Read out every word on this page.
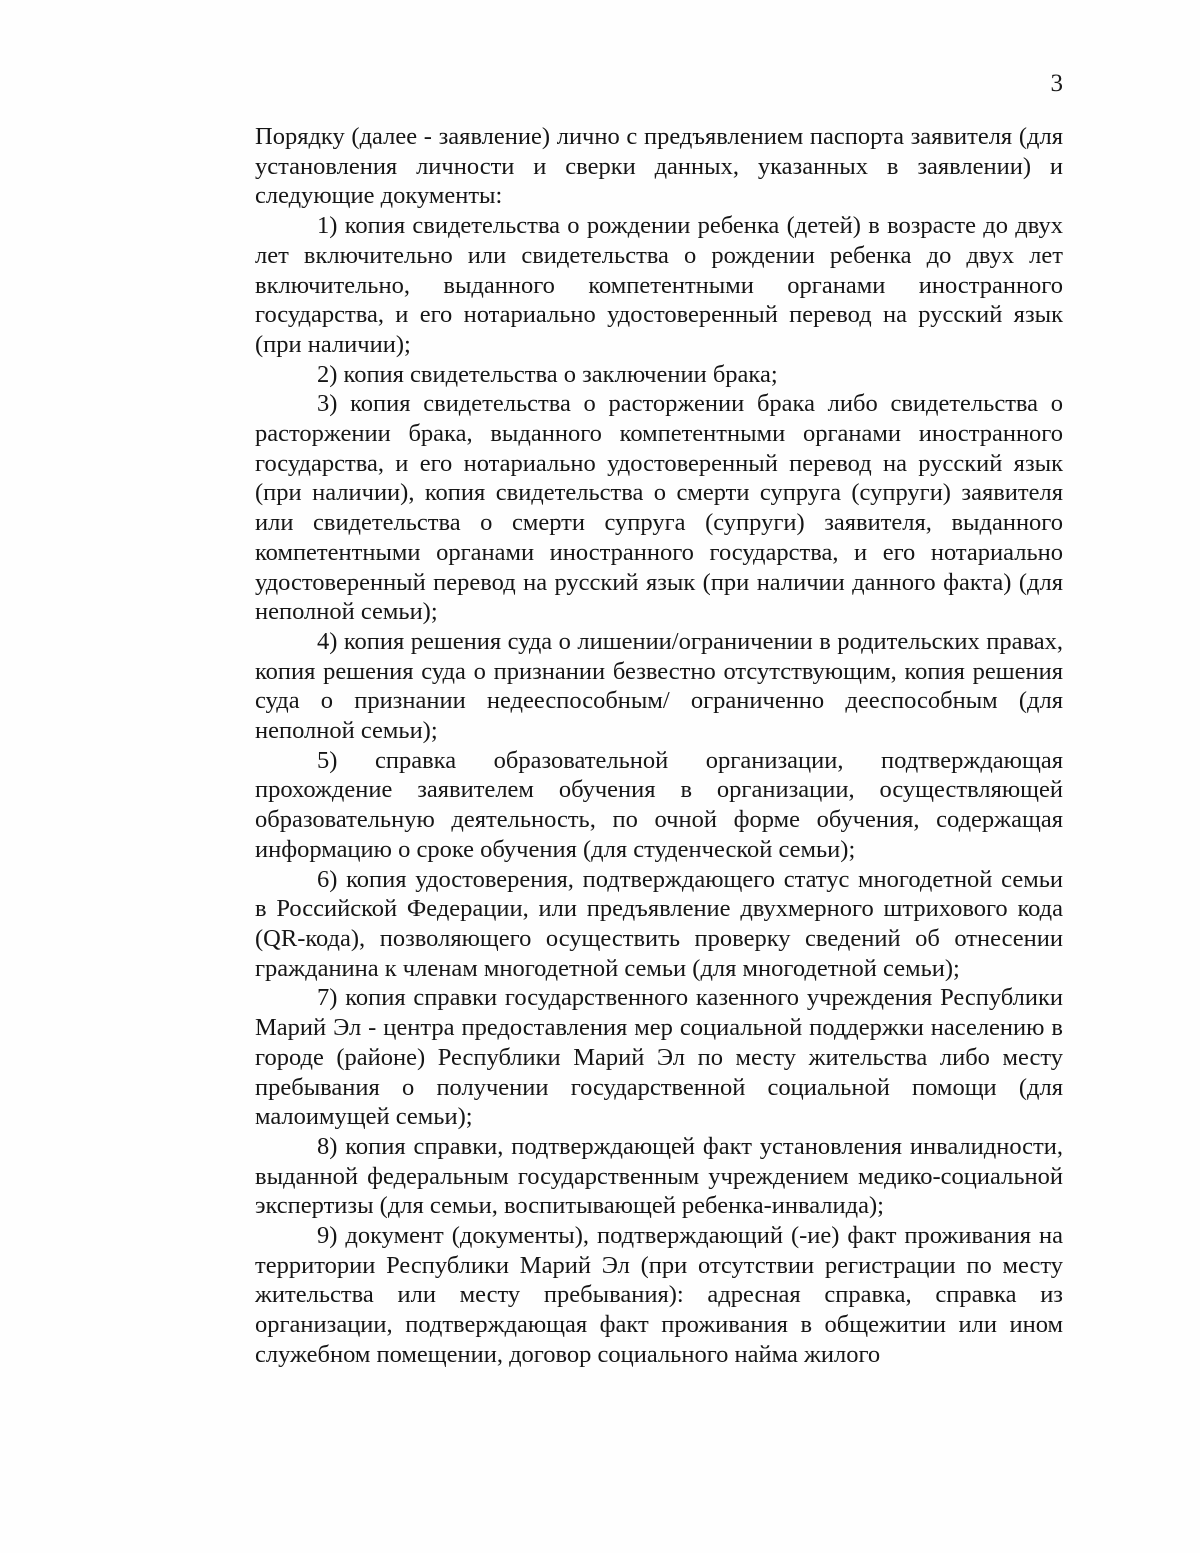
3

Порядку (далее - заявление) лично с предъявлением паспорта заявителя (для установления личности и сверки данных, указанных в заявлении) и следующие документы:

1) копия свидетельства о рождении ребенка (детей) в возрасте до двух лет включительно или свидетельства о рождении ребенка до двух лет включительно, выданного компетентными органами иностранного государства, и его нотариально удостоверенный перевод на русский язык (при наличии);

2) копия свидетельства о заключении брака;

3) копия свидетельства о расторжении брака либо свидетельства о расторжении брака, выданного компетентными органами иностранного государства, и его нотариально удостоверенный перевод на русский язык (при наличии), копия свидетельства о смерти супруга (супруги) заявителя или свидетельства о смерти супруга (супруги) заявителя, выданного компетентными органами иностранного государства, и его нотариально удостоверенный перевод на русский язык (при наличии данного факта) (для неполной семьи);

4) копия решения суда о лишении/ограничении в родительских правах, копия решения суда о признании безвестно отсутствующим, копия решения суда о признании недееспособным/ ограниченно дееспособным (для неполной семьи);

5) справка образовательной организации, подтверждающая прохождение заявителем обучения в организации, осуществляющей образовательную деятельность, по очной форме обучения, содержащая информацию о сроке обучения (для студенческой семьи);

6) копия удостоверения, подтверждающего статус многодетной семьи в Российской Федерации, или предъявление двухмерного штрихового кода (QR-кода), позволяющего осуществить проверку сведений об отнесении гражданина к членам многодетной семьи (для многодетной семьи);

7) копия справки государственного казенного учреждения Республики Марий Эл - центра предоставления мер социальной поддержки населению в городе (районе) Республики Марий Эл по месту жительства либо месту пребывания о получении государственной социальной помощи (для малоимущей семьи);

8) копия справки, подтверждающей факт установления инвалидности, выданной федеральным государственным учреждением медико-социальной экспертизы (для семьи, воспитывающей ребенка-инвалида);

9) документ (документы), подтверждающий (-ие) факт проживания на территории Республики Марий Эл (при отсутствии регистрации по месту жительства или месту пребывания): адресная справка, справка из организации, подтверждающая факт проживания в общежитии или ином служебном помещении, договор социального найма жилого
